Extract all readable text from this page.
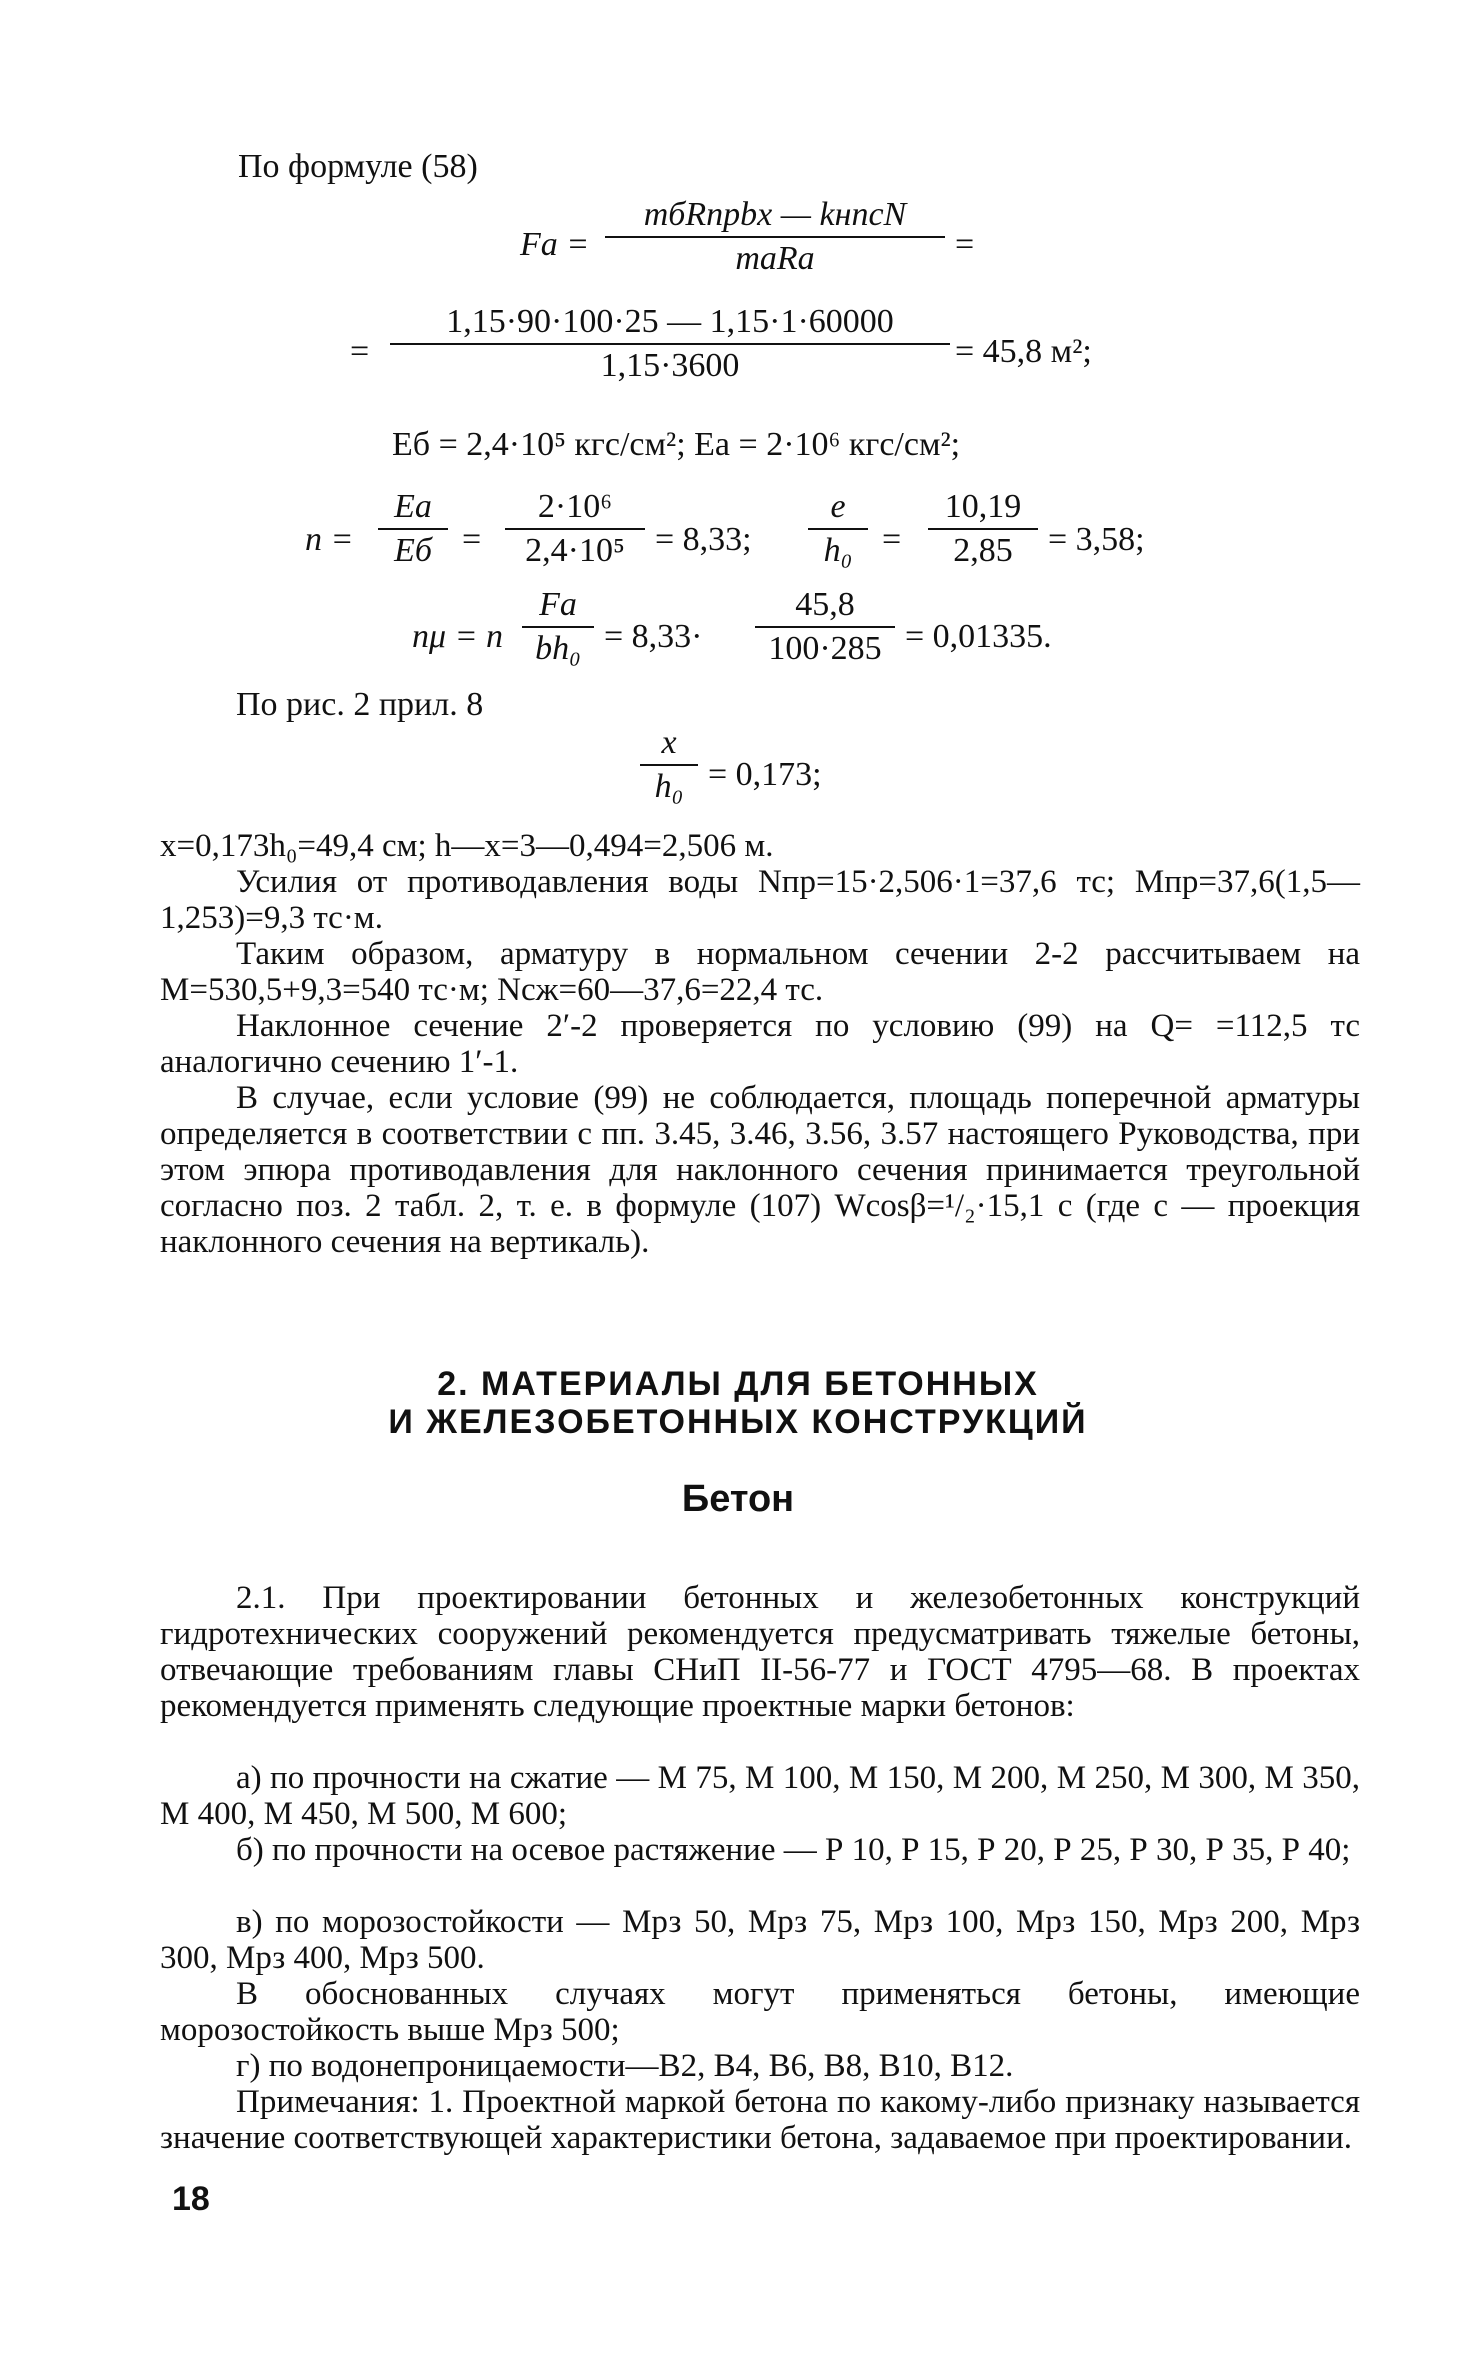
По формуле (58)
Fa =
mбRпрbx — kнncN
maRa	=
= $\frac{1,15\cdot 90\cdot 100\cdot 25 — 1,15\cdot 1\cdot 60000}{1,15\cdot 3600} = 45,8$ м²;
Eб = 2,4·10⁵ кгс/см²; Ea = 2·10⁶ кгс/см²;
n =
Ea
Eб = $\frac{\text{2·10⁶}}{\text{2,4·10⁵}} = 8,33$; $\frac{e}{\text{h₀}} = \frac{10,19}{2,85} = 3,58$;
nμ = n $\frac{Fa}{\text{bh₀}} = 8,33\cdot \frac{45,8}{100\cdot 285} = 0,01335$.
По рис. 2 прил. 8
$\frac{x}{\text{h₀}} = 0,173$;
x=0,173h₀=49,4 см; h—x=3—0,494=2,506 м.
Усилия от противодавления воды Nпр=15·2,506·1=37,6 тс; Mпр=37,6(1,5—1,253)=9,3 тс·м.
Таким образом, арматуру в нормальном сечении 2-2 рассчитываем на M=530,5+9,3=540 тс·м; Nсж=60—37,6=22,4 тс.
Наклонное сечение 2′-2 проверяется по условию (99) на Q= =112,5 тс аналогично сечению 1′-1.
В случае, если условие (99) не соблюдается, площадь поперечной арматуры определяется в соответствии с пп. 3.45, 3.46, 3.56, 3.57 настоящего Руководства, при этом эпюра противодавления для наклонного сечения принимается треугольной согласно поз. 2 табл. 2, т. е. в формуле (107) Wcosβ=¹/₂·15,1 c (где c — проекция наклонного сечения на вертикаль).
2. МАТЕРИАЛЫ ДЛЯ БЕТОННЫХ
И ЖЕЛЕЗОБЕТОННЫХ КОНСТРУКЦИЙ
Бетон
2.1. При проектировании бетонных и железобетонных конструкций гидротехнических сооружений рекомендуется предусматривать тяжелые бетоны, отвечающие требованиям главы СНиП II-56-77 и ГОСТ 4795—68. В проектах рекомендуется применять следующие проектные марки бетонов:
а) по прочности на сжатие — М 75, М 100, М 150, М 200, М 250, М 300, М 350, М 400, М 450, М 500, М 600;
б) по прочности на осевое растяжение — Р 10, Р 15, Р 20, Р 25, Р 30, Р 35, Р 40;
в) по морозостойкости — Мрз 50, Мрз 75, Мрз 100, Мрз 150, Мрз 200, Мрз 300, Мрз 400, Мрз 500.
В обоснованных случаях могут применяться бетоны, имеющие морозостойкость выше Мрз 500;
г) по водонепроницаемости—В2, В4, В6, В8, В10, В12.
Примечания: 1. Проектной маркой бетона по какому-либо признаку называется значение соответствующей характеристики бетона, задаваемое при проектировании.
18
